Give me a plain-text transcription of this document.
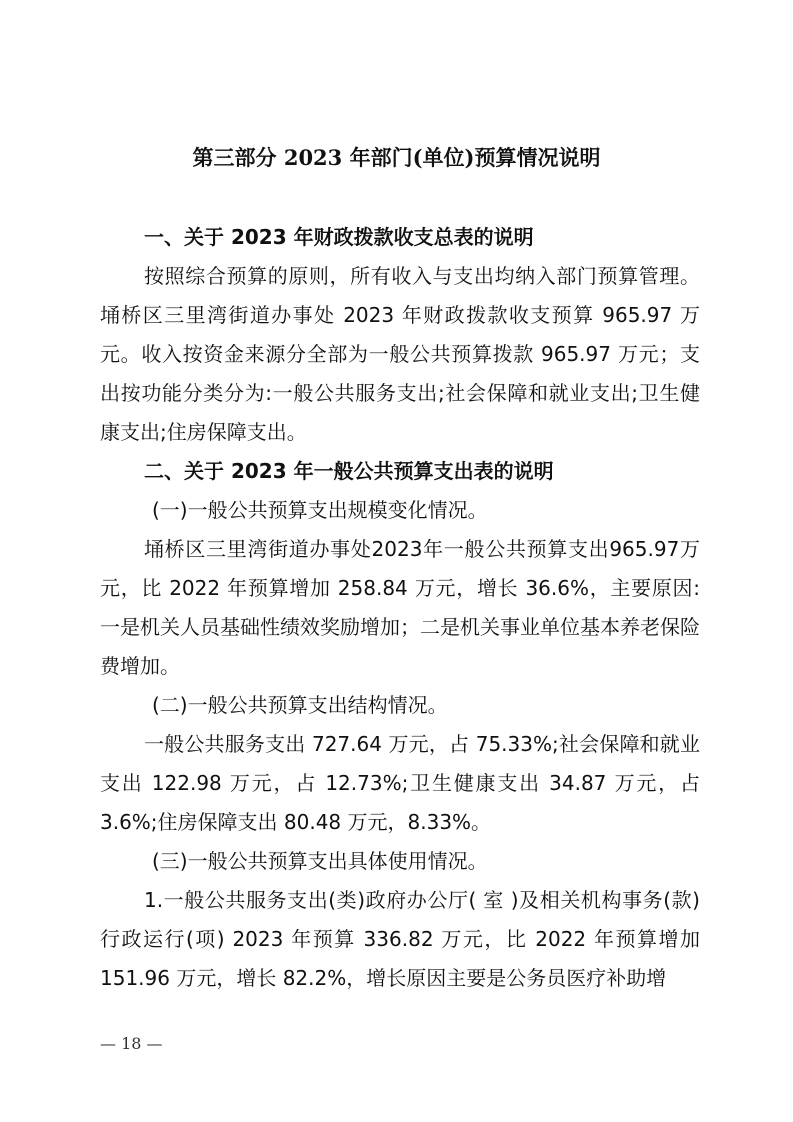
第三部分 2023 年部门(单位)预算情况说明

一、关于 2023 年财政拨款收支总表的说明

按照综合预算的原则，所有收入与支出均纳入部门预算管理。埇桥区三里湾街道办事处 2023 年财政拨款收支预算 965.97 万元。收入按资金来源分全部为一般公共预算拨款 965.97 万元；支出按功能分类分为:一般公共服务支出;社会保障和就业支出;卫生健康支出;住房保障支出。

二、关于 2023 年一般公共预算支出表的说明

(一)一般公共预算支出规模变化情况。

埇桥区三里湾街道办事处2023年一般公共预算支出965.97万元，比 2022 年预算增加 258.84 万元，增长 36.6%，主要原因:一是机关人员基础性绩效奖励增加；二是机关事业单位基本养老保险费增加。

(二)一般公共预算支出结构情况。

一般公共服务支出 727.64 万元，占 75.33%;社会保障和就业支出 122.98 万元，占 12.73%;卫生健康支出 34.87 万元，占 3.6%;住房保障支出 80.48 万元，8.33%。

(三)一般公共预算支出具体使用情况。

1.一般公共服务支出(类)政府办公厅( 室 )及相关机构事务(款)行政运行(项) 2023 年预算 336.82 万元，比 2022 年预算增加 151.96 万元，增长 82.2%，增长原因主要是公务员医疗补助增

— 18 —
